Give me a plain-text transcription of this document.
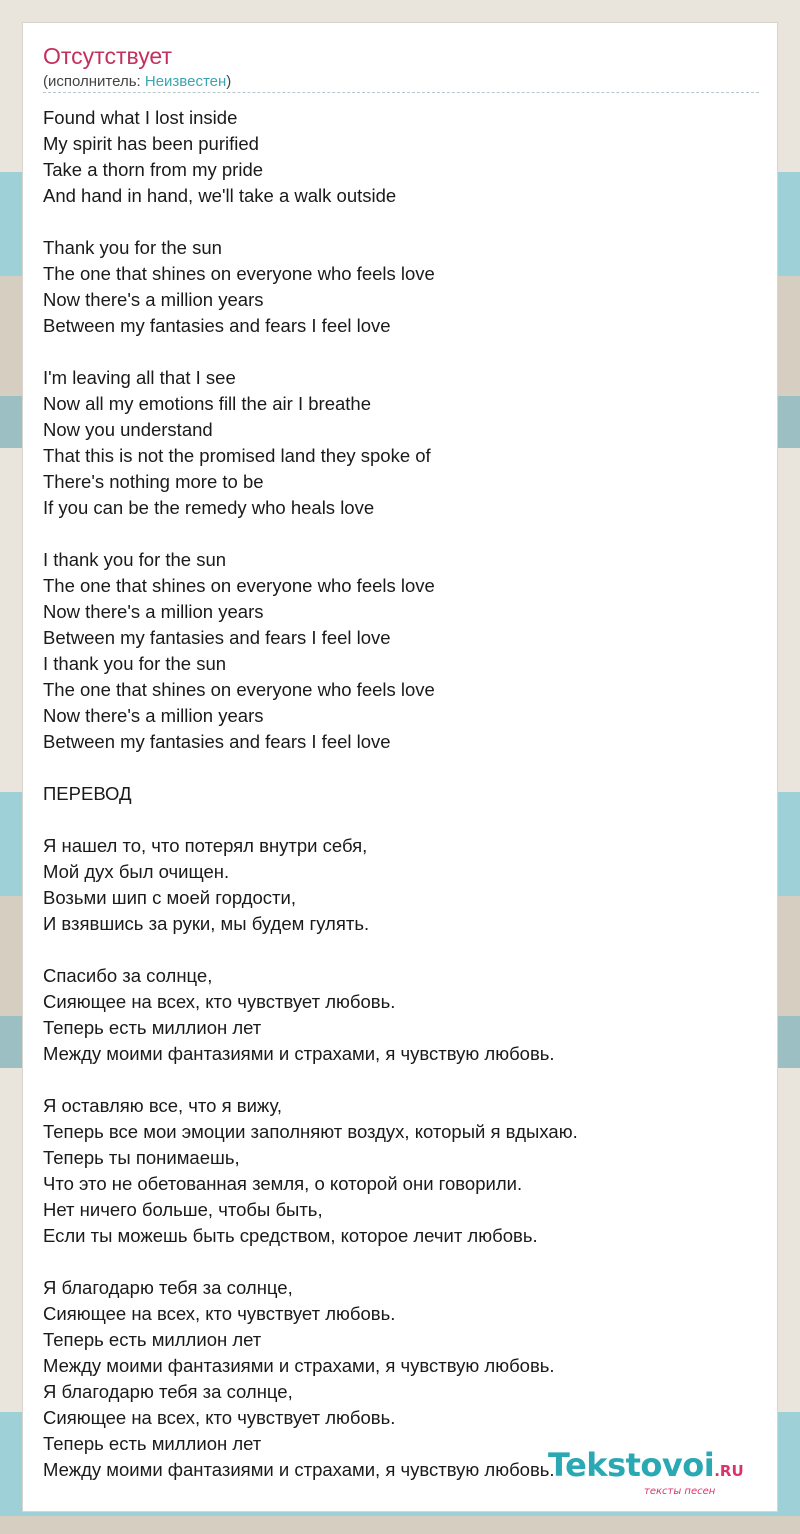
Отсутствует
(исполнитель: Неизвестен)
Found what I lost inside
My spirit has been purified
Take a thorn from my pride
And hand in hand, we'll take a walk outside
Thank you for the sun
The one that shines on everyone who feels love
Now there's a million years
Between my fantasies and fears I feel love
I'm leaving all that I see
Now all my emotions fill the air I breathe
Now you understand
That this is not the promised land they spoke of
There's nothing more to be
If you can be the remedy who heals love
I thank you for the sun
The one that shines on everyone who feels love
Now there's a million years
Between my fantasies and fears I feel love
I thank you for the sun
The one that shines on everyone who feels love
Now there's a million years
Between my fantasies and fears I feel love
ПЕРЕВОД
Я нашел то, что потерял внутри себя,
Мой дух был очищен.
Возьми шип с моей гордости,
И взявшись за руки, мы будем гулять.
Спасибо за солнце,
Сияющее на всех, кто чувствует любовь.
Теперь есть миллион лет
Между моими фантазиями и страхами, я чувствую любовь.
Я оставляю все, что я вижу,
Теперь все мои эмоции заполняют воздух, который я вдыхаю.
Теперь ты понимаешь,
Что это не обетованная земля, о которой они говорили.
Нет ничего больше, чтобы быть,
Если ты можешь быть средством, которое лечит любовь.
Я благодарю тебя за солнце,
Сияющее на всех, кто чувствует любовь.
Теперь есть миллион лет
Между моими фантазиями и страхами, я чувствую любовь.
Я благодарю тебя за солнце,
Сияющее на всех, кто чувствует любовь.
Теперь есть миллион лет
Между моими фантазиями и страхами, я чувствую любовь.
Tekstovoi.RU
тексты песен
